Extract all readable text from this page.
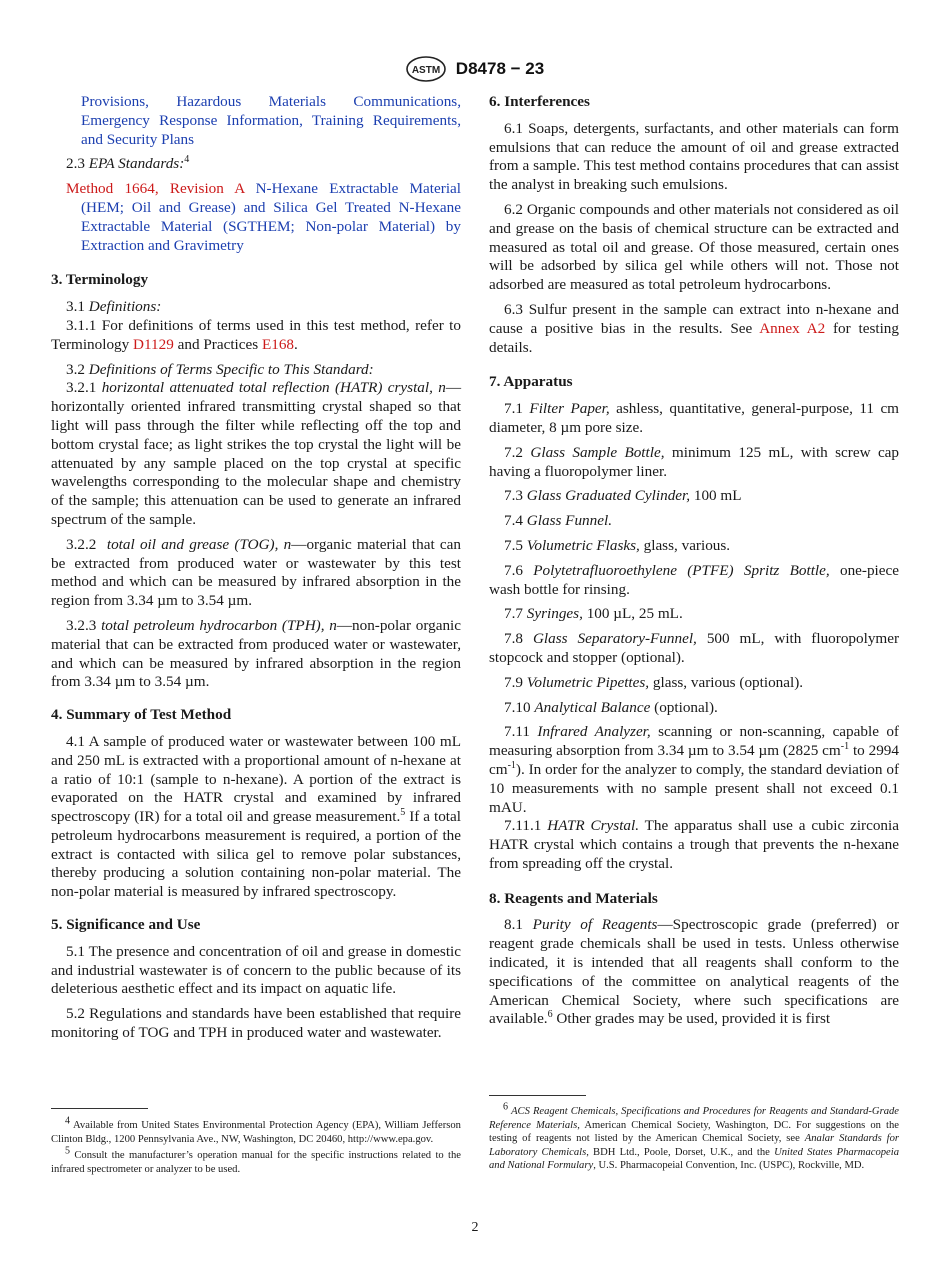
ASTM D8478 − 23
Provisions, Hazardous Materials Communications, Emergency Response Information, Training Requirements, and Security Plans
2.3 EPA Standards:$^4$
Method 1664, Revision A N-Hexane Extractable Material (HEM; Oil and Grease) and Silica Gel Treated N-Hexane Extractable Material (SGTHEM; Non-polar Material) by Extraction and Gravimetry
3. Terminology
3.1 Definitions:
3.1.1 For definitions of terms used in this test method, refer to Terminology D1129 and Practices E168.
3.2 Definitions of Terms Specific to This Standard:
3.2.1 horizontal attenuated total reflection (HATR) crystal, n—horizontally oriented infrared transmitting crystal shaped so that light will pass through the filter while reflecting off the top and bottom crystal face; as light strikes the top crystal the light will be attenuated by any sample placed on the top crystal at specific wavelengths corresponding to the molecular shape and chemistry of the sample; this attenuation can be used to generate an infrared spectrum of the sample.
3.2.2 total oil and grease (TOG), n—organic material that can be extracted from produced water or wastewater by this test method and which can be measured by infrared absorption in the region from 3.34 µm to 3.54 µm.
3.2.3 total petroleum hydrocarbon (TPH), n—non-polar organic material that can be extracted from produced water or wastewater, and which can be measured by infrared absorption in the region from 3.34 µm to 3.54 µm.
4. Summary of Test Method
4.1 A sample of produced water or wastewater between 100 mL and 250 mL is extracted with a proportional amount of n-hexane at a ratio of 10:1 (sample to n-hexane). A portion of the extract is evaporated on the HATR crystal and examined by infrared spectroscopy (IR) for a total oil and grease measurement.$^5$ If a total petroleum hydrocarbons measurement is required, a portion of the extract is contacted with silica gel to remove polar substances, thereby producing a solution containing non-polar material. The non-polar material is measured by infrared spectroscopy.
5. Significance and Use
5.1 The presence and concentration of oil and grease in domestic and industrial wastewater is of concern to the public because of its deleterious aesthetic effect and its impact on aquatic life.
5.2 Regulations and standards have been established that require monitoring of TOG and TPH in produced water and wastewater.
6. Interferences
6.1 Soaps, detergents, surfactants, and other materials can form emulsions that can reduce the amount of oil and grease extracted from a sample. This test method contains procedures that can assist the analyst in breaking such emulsions.
6.2 Organic compounds and other materials not considered as oil and grease on the basis of chemical structure can be extracted and measured as total oil and grease. Of those measured, certain ones will be adsorbed by silica gel while others will not. Those not adsorbed are measured as total petroleum hydrocarbons.
6.3 Sulfur present in the sample can extract into n-hexane and cause a positive bias in the results. See Annex A2 for testing details.
7. Apparatus
7.1 Filter Paper, ashless, quantitative, general-purpose, 11 cm diameter, 8 µm pore size.
7.2 Glass Sample Bottle, minimum 125 mL, with screw cap having a fluoropolymer liner.
7.3 Glass Graduated Cylinder, 100 mL
7.4 Glass Funnel.
7.5 Volumetric Flasks, glass, various.
7.6 Polytetrafluoroethylene (PTFE) Spritz Bottle, one-piece wash bottle for rinsing.
7.7 Syringes, 100 µL, 25 mL.
7.8 Glass Separatory-Funnel, 500 mL, with fluoropolymer stopcock and stopper (optional).
7.9 Volumetric Pipettes, glass, various (optional).
7.10 Analytical Balance (optional).
7.11 Infrared Analyzer, scanning or non-scanning, capable of measuring absorption from 3.34 µm to 3.54 µm (2825 $cm^{-1}$ to 2994 $cm^{-1}$). In order for the analyzer to comply, the standard deviation of 10 measurements with no sample present shall not exceed 0.1 mAU.
7.11.1 HATR Crystal. The apparatus shall use a cubic zirconia HATR crystal which contains a trough that prevents the n-hexane from spreading off the crystal.
8. Reagents and Materials
8.1 Purity of Reagents—Spectroscopic grade (preferred) or reagent grade chemicals shall be used in tests. Unless otherwise indicated, it is intended that all reagents shall conform to the specifications of the committee on analytical reagents of the American Chemical Society, where such specifications are available.$^6$ Other grades may be used, provided it is first

$^4$ Available from United States Environmental Protection Agency (EPA), William Jefferson Clinton Bldg., 1200 Pennsylvania Ave., NW, Washington, DC 20460, http://www.epa.gov.

$^5$ Consult the manufacturer’s operation manual for the specific instructions related to the infrared spectrometer or analyzer to be used.

$^6$ ACS Reagent Chemicals, Specifications and Procedures for Reagents and Standard-Grade Reference Materials, American Chemical Society, Washington, DC. For suggestions on the testing of reagents not listed by the American Chemical Society, see Analar Standards for Laboratory Chemicals, BDH Ltd., Poole, Dorset, U.K., and the United States Pharmacopeia and National Formulary, U.S. Pharmacopeial Convention, Inc. (USPC), Rockville, MD.

2
